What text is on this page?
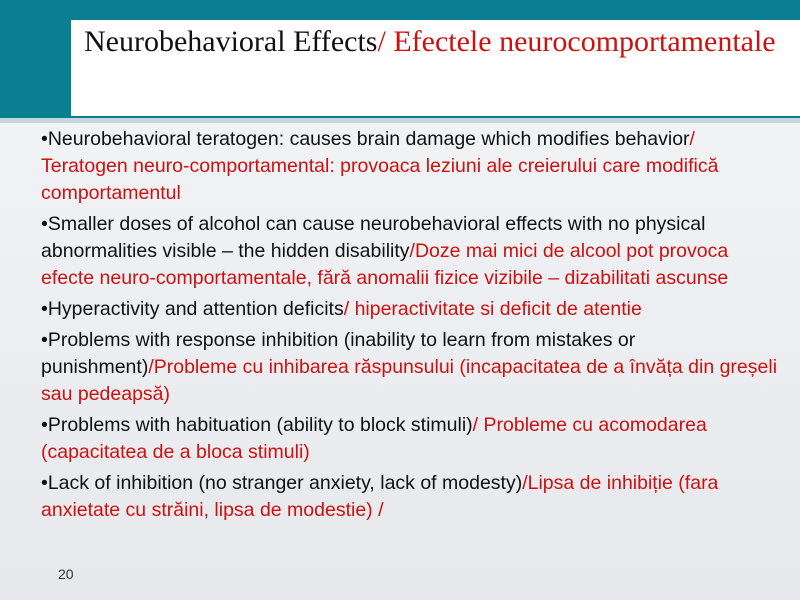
Neurobehavioral Effects/ Efectele neurocomportamentale
•Neurobehavioral teratogen: causes brain damage which modifies behavior/ Teratogen neuro-comportamental: provoaca leziuni ale creierului care modifică comportamentul
•Smaller doses of alcohol can cause neurobehavioral effects with no physical abnormalities visible – the hidden disability/Doze mai mici de alcool pot provoca efecte neuro-comportamentale, fără anomalii fizice vizibile – dizabilitati ascunse
•Hyperactivity and attention deficits/ hiperactivitate si deficit de atentie
•Problems with response inhibition (inability to learn from mistakes or punishment)/Probleme cu inhibarea răspunsului (incapacitatea de a învăța din greșeli sau pedeapsă)
•Problems with habituation (ability to block stimuli)/ Probleme cu acomodarea (capacitatea de a bloca stimuli)
•Lack of inhibition (no stranger anxiety, lack of modesty)/Lipsa de inhibiție (fara anxietate cu străini, lipsa de modestie) /
20
